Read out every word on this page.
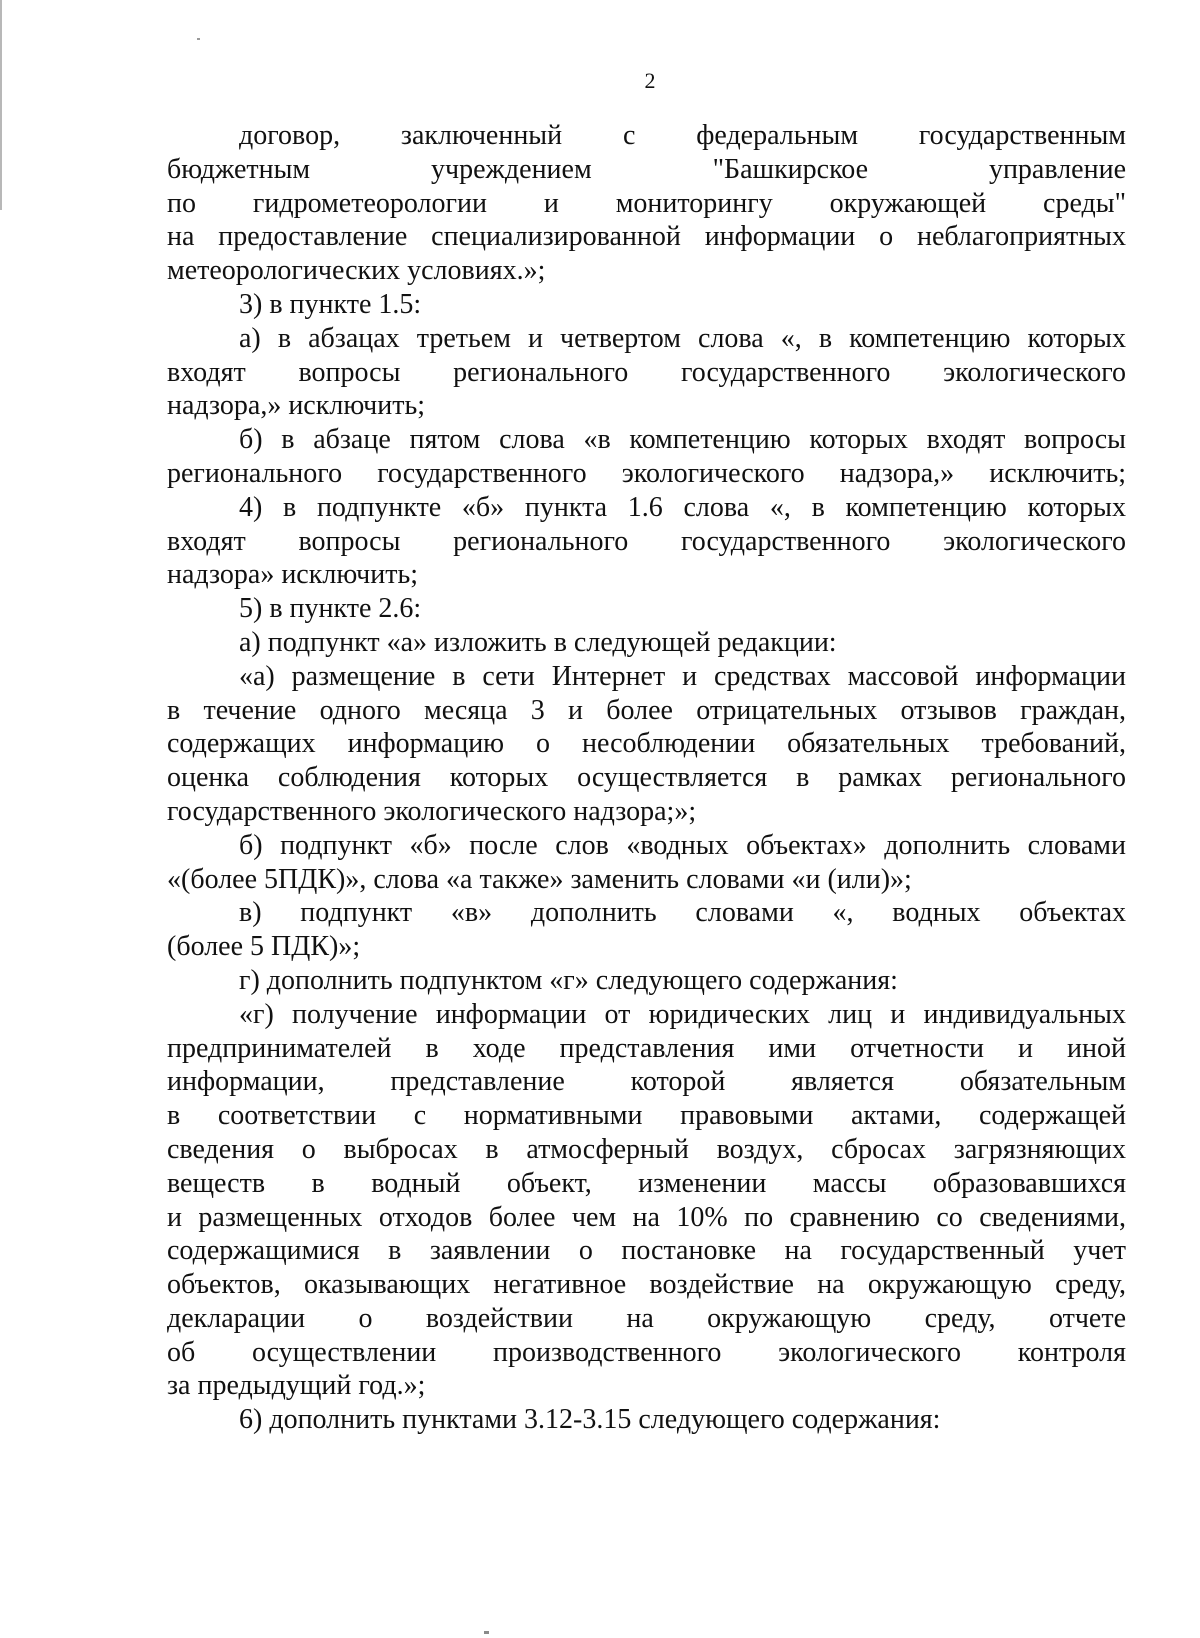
2

договор, заключенный с федеральным государственным

бюджетным учреждением "Башкирское управление

по гидрометеорологии и мониторингу окружающей среды"

на предоставление специализированной информации о неблагоприятных

метеорологических условиях.»;

3) в пункте 1.5:

а) в абзацах третьем и четвертом слова «, в компетенцию которых

входят вопросы регионального государственного экологического

надзора,» исключить;

б) в абзаце пятом слова «в компетенцию которых входят вопросы

регионального государственного экологического надзора,» исключить;

4) в подпункте «б» пункта 1.6 слова «, в компетенцию которых

входят вопросы регионального государственного экологического

надзора» исключить;

5) в пункте 2.6:

а) подпункт «а» изложить в следующей редакции:

«а) размещение в сети Интернет и средствах массовой информации

в течение одного месяца 3 и более отрицательных отзывов граждан,

содержащих информацию о несоблюдении обязательных требований,

оценка соблюдения которых осуществляется в рамках регионального

государственного экологического надзора;»;

б) подпункт «б» после слов «водных объектах» дополнить словами

«(более 5ПДК)», слова «а также» заменить словами «и (или)»;

в) подпункт «в» дополнить словами «, водных объектах

(более 5 ПДК)»;

г) дополнить подпунктом «г» следующего содержания:

«г) получение информации от юридических лиц и индивидуальных

предпринимателей в ходе представления ими отчетности и иной

информации, представление которой является обязательным

в соответствии с нормативными правовыми актами, содержащей

сведения о выбросах в атмосферный воздух, сбросах загрязняющих

веществ в водный объект, изменении массы образовавшихся

и размещенных отходов более чем на 10% по сравнению со сведениями,

содержащимися в заявлении о постановке на государственный учет

объектов, оказывающих негативное воздействие на окружающую среду,

декларации о воздействии на окружающую среду, отчете

об осуществлении производственного экологического контроля

за предыдущий год.»;

6) дополнить пунктами 3.12-3.15 следующего содержания:
